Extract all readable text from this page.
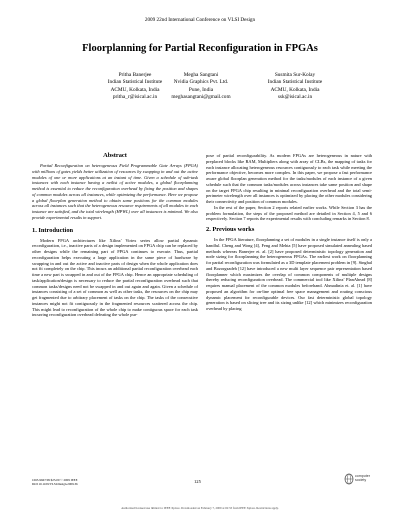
2009 22nd International Conference on VLSI Design
Floorplanning for Partial Reconfiguration in FPGAs
Pritha Banerjee
Indian Statistical Institute
ACMU, Kolkata, India
pritha_r@isical.ac.in
Megha Sangtani
Nvidia Graphics Pvt. Ltd.
Pune, India
meghasangtani@gmail.com
Susmita Sur-Kolay
Indian Statistical Institute
ACMU, Kolkata, India
ssk@isical.ac.in
Abstract

Partial Reconfiguration on heterogeneous Field Programmable Gate Arrays (FPGA) with millions of gates yields better utilization of resources by swapping in and out the active modules of one or more applications at an instant of time. Given a schedule of sub-task instances with each instance having a netlist of active modules, a global floorplanning method is essential to reduce the reconfiguration overhead by fixing the position and shapes of common modules across all instances, while optimizing the performance. Here we propose a global floorplan generation method to obtain same positions for the common modules across all instances such that the heterogeneous resource requirements of all modules in each instance are satisfied, and the total wirelength (HPWL) over all instances is minimal. We also provide experimental results in support.

1. Introduction

Modern FPGA architectures like Xilinx' Virtex series allow partial dynamic reconfiguration, i.e., inactive parts of a design implemented on FPGA chip can be replaced by other designs while the remaining part of FPGA continues to execute. Thus, partial reconfiguration helps executing a large application in the same piece of hardware by swapping in and out the active and inactive parts of design when the whole application does not fit completely on the chip. This incurs an additional partial reconfiguration overhead each time a new part is swapped in and out of the FPGA chip. Hence an appropriate scheduling of task/application/design is necessary to reduce the partial reconfiguration overhead such that common tasks/designs need not be swapped in and out again and again. Given a schedule of instances consisting of a set of common as well as other tasks, the resources on the chip may get fragmented due to arbitrary placement of tasks on the chip. The tasks of the consecutive instances might not fit contiguously in the fragmented resources scattered across the chip. This might lead to reconfiguration of the whole chip to make contiguous space for each task incurring reconfiguration overhead defeating the whole pur-

pose of partial reconfigurability. As modern FPGAs are heterogeneous in nature with preplaced blocks like RAM, Multipliers along with array of CLBs, the mapping of tasks for each instance allocating heterogeneous resources contiguously to each task while meeting the performance objective, becomes more complex. In this paper, we propose a fast performance aware global floorplan generation method for the tasks/modules of each instance of a given schedule such that the common tasks/modules across instances take same position and shape on the target FPGA chip resulting in minimal reconfiguration overhead and the total semi-perimeter wirelength over all instances is optimized by placing the other modules considering their connectivity and position of common modules.

In the rest of the paper, Section 2 reports related earlier works. While Section 3 has the problem formulation, the steps of the proposed method are detailed in Section 4, 5 and 6 respectively. Section 7 reports the experimental results with concluding remarks in Section 8.

2. Previous works

In the FPGA literature, floorplanning a set of modules in a single instance itself is only a handful. Cheng and Wong [4], Feng and Mehta [5] have proposed simulated annealing based methods whereas Banerjee et. al. [2] have proposed deterministic topology generation and node sizing for floorplanning the heterogeneous FPGAs. The earliest work on floorplanning for partial reconfiguration was formulated as a 3D template placement problem in [9]. Singhal and Bozorgzadeh [12] have introduced a new multi layer sequence pair representation based floorplanner which maximizes the overlap of common components of multiple designs thereby reducing reconfiguration overhead. The commercial tool like Xilinx' PlanAhead [8] requires manual placement of the common modules beforehand. Ahmadinia et. al. [1] have proposed an algorithm for on-line optimal free space management and routing conscious dynamic placement for reconfigurable devices. Our fast deterministic global topology generation is based on slicing tree and its sizing unlike [12] which minimizes reconfiguration overhead by placing

1063-9667/09 $25.00 © 2009 IEEE
DOI 10.1109/VLSI.Design.2009.36	125
computer society
Authorized licensed use limited to: IEEE Xplore. Downloaded on February 7, 2009 at 02:33 from IEEE Xplore. Restrictions apply.
